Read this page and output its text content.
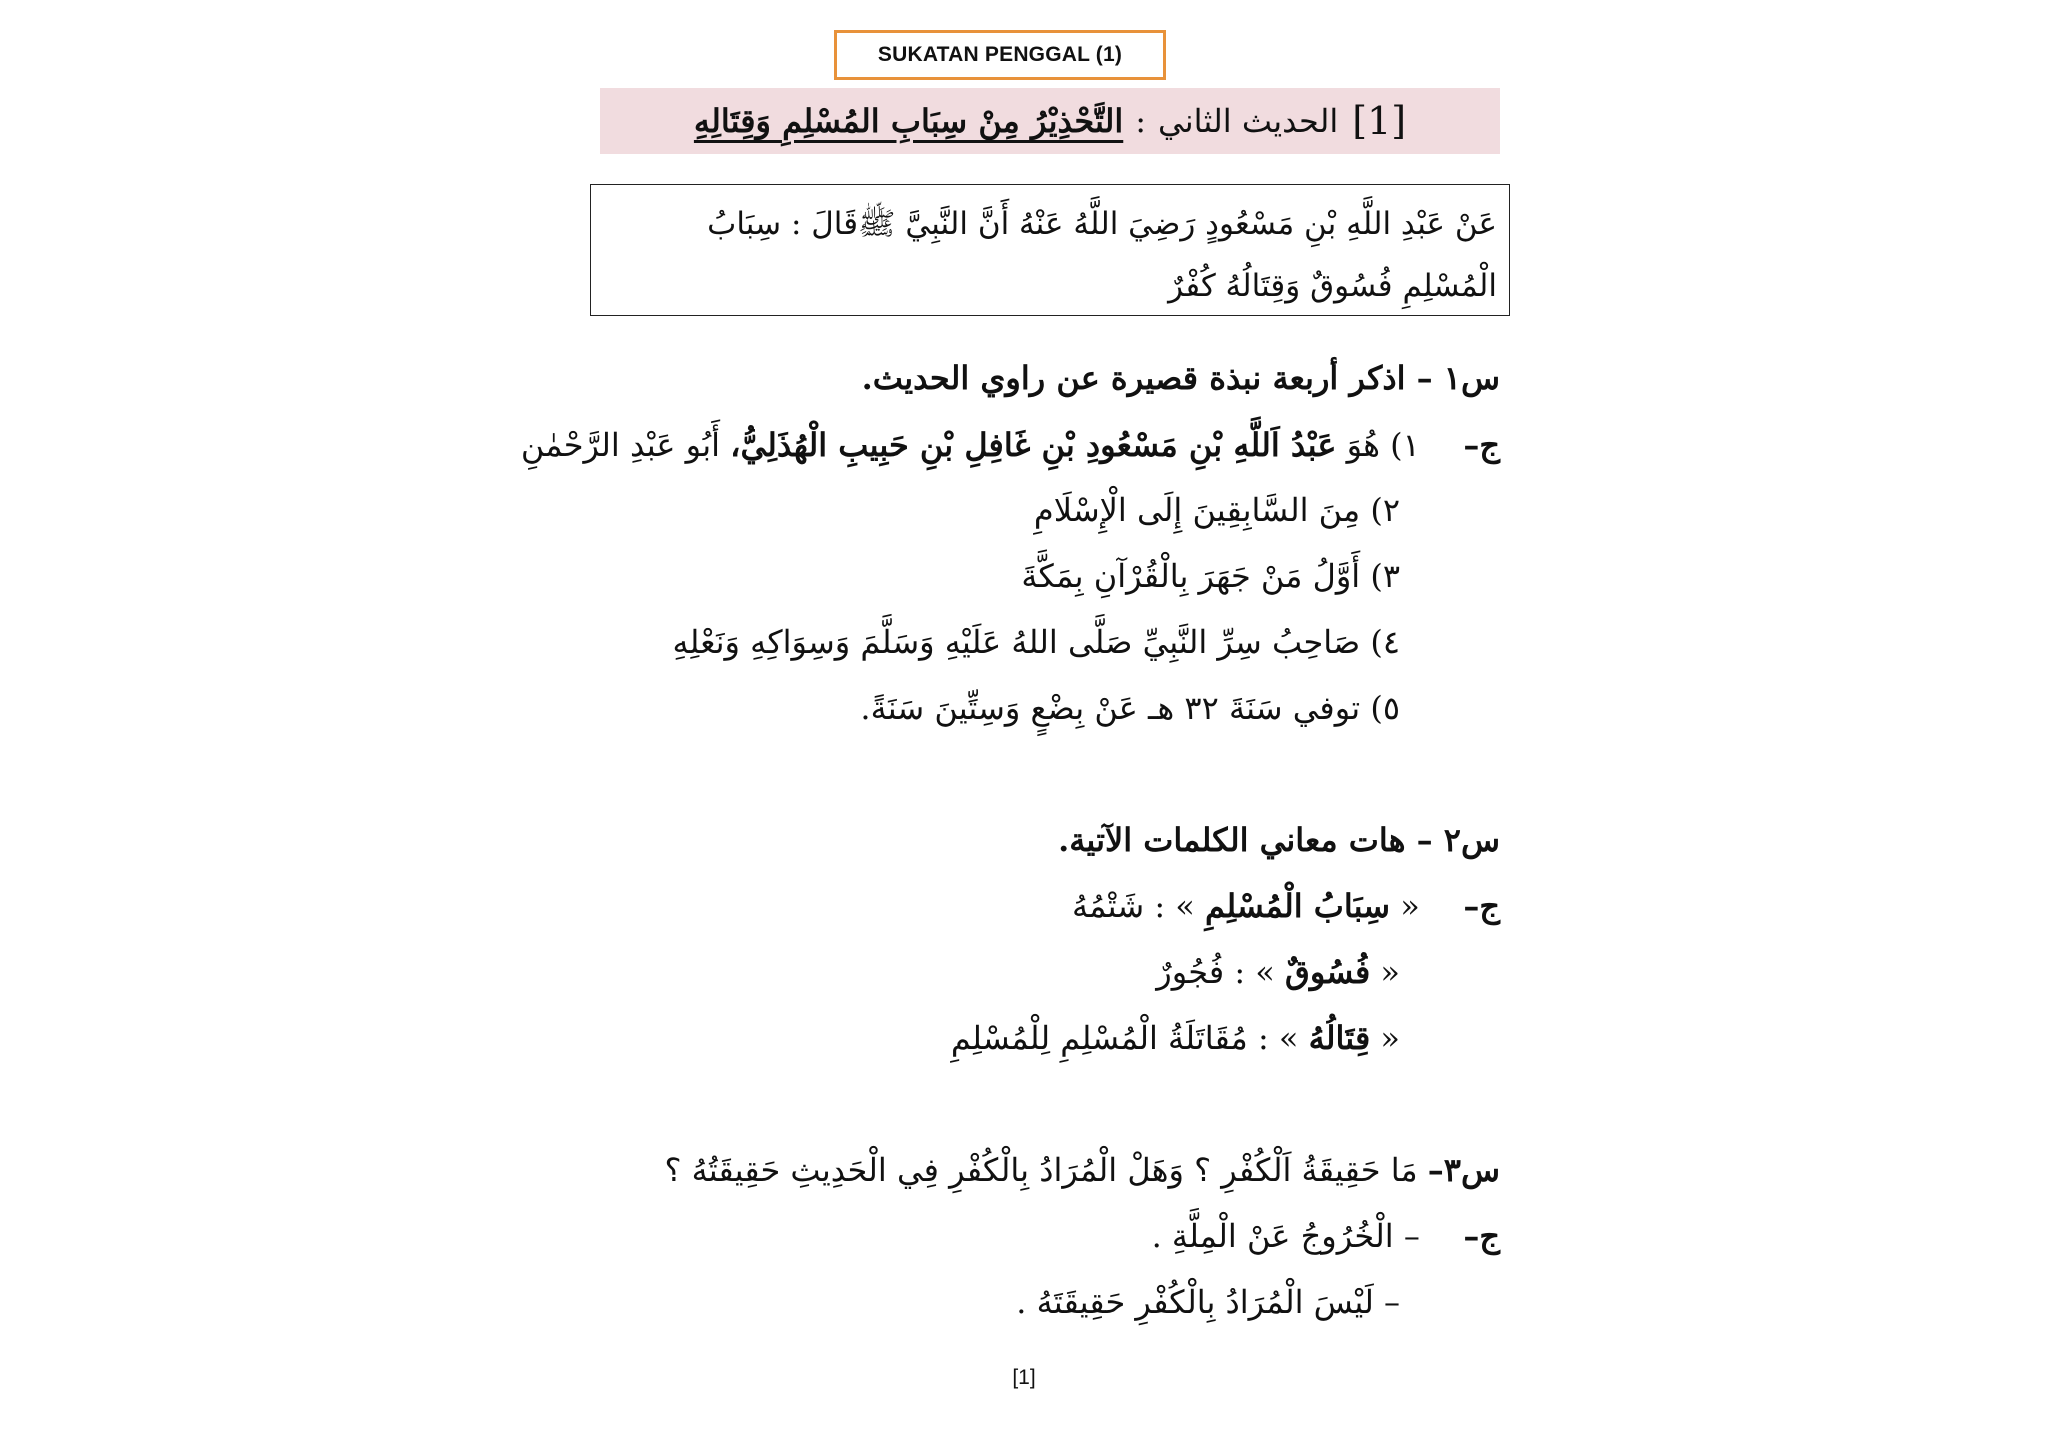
SUKATAN PENGGAL (1)
[1]
الحديث الثاني
:
التَّحْذِيْرُ مِنْ سِبَابِ المُسْلِمِ وَقِتَالِهِ
عَنْ عَبْدِ اللَّهِ بْنِ مَسْعُودٍ رَضِيَ اللَّهُ عَنْهُ أَنَّ النَّبِيَّ ﷺقَالَ : سِبَابُ الْمُسْلِمِ فُسُوقٌ وَقِتَالُهُ كُفْرٌ
س١ – اذكر أربعة نبذة قصيرة عن راوي الحديث.
ج– ١) هُوَ عَبْدُ اَللَّهِ بْنِ مَسْعُودِ بْنِ غَافِلِ بْنِ حَبِيبِ الْهُذَلِيُّ، أَبُو عَبْدِ الرَّحْمٰنِ
٢) مِنَ السَّابِقِينَ إِلَى الْإِسْلَامِ
٣) أَوَّلُ مَنْ جَهَرَ بِالْقُرْآنِ بِمَكَّةَ
٤) صَاحِبُ سِرِّ النَّبِيِّ صَلَّى اللهُ عَلَيْهِ وَسَلَّمَ وَسِوَاكِهِ وَنَعْلِهِ
٥) توفي سَنَةَ ٣٢ هـ عَنْ بِضْعٍ وَسِتِّينَ سَنَةً.
س٢ – هات معاني الكلمات الآتية.
ج– « سِبَابُ الْمُسْلِمِ » : شَتْمُهُ
« فُسُوقٌ » : فُجُورٌ
« قِتَالُهُ » : مُقَاتَلَةُ الْمُسْلِمِ لِلْمُسْلِمِ
س٣– مَا حَقِيقَةُ اَلْكُفْرِ ؟ وَهَلْ الْمُرَادُ بِالْكُفْرِ فِي الْحَدِيثِ حَقِيقَتُهُ ؟
ج– – الْخُرُوجُ عَنْ الْمِلَّةِ .
– لَيْسَ الْمُرَادُ بِالْكُفْرِ حَقِيقَتَهُ .
[1]
